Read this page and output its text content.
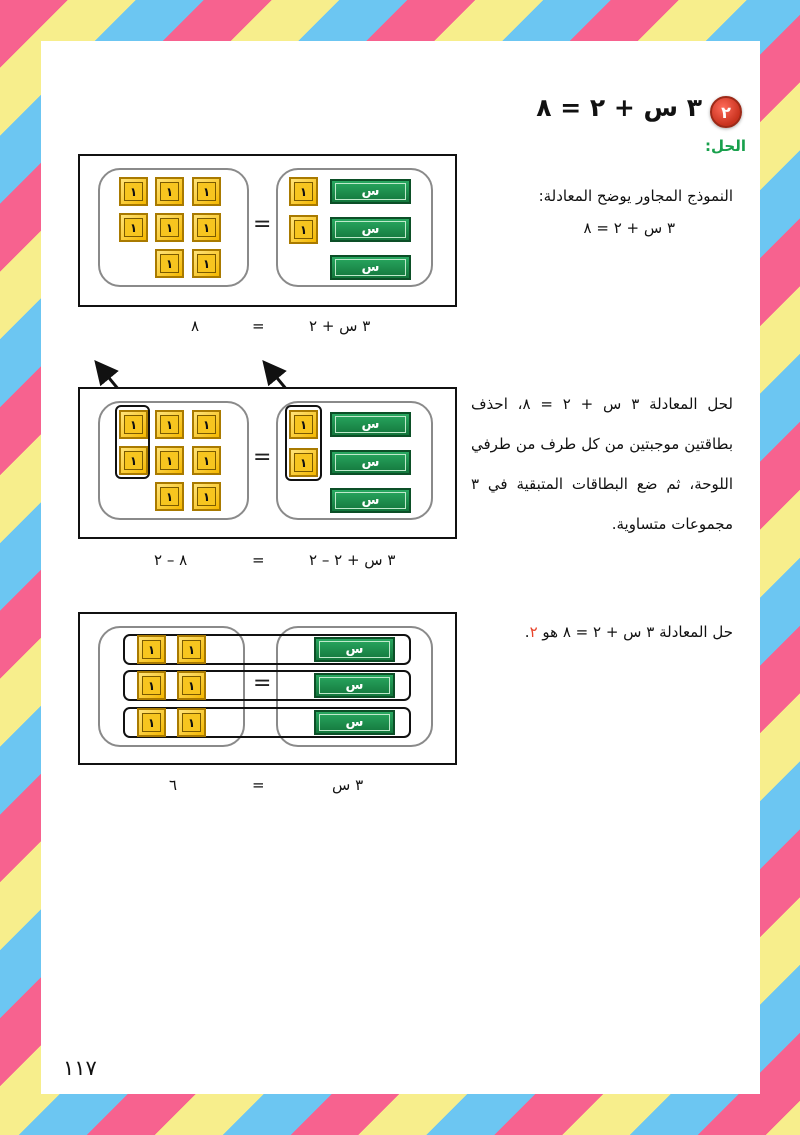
٢
٣ س + ٢ = ٨
الحل:
النموذج المجاور يوضح المعادلة:
٣ س + ٢ = ٨
١	١	١
١	١	١
١	١
=
١
١
س
س
س
٨	=	٣ س + ٢
لحل المعادلة ٣ س + ٢ = ٨، احذف بطاقتين موجبتين من كل طرف من طرفي اللوحة، ثم ضع البطاقات المتبقية في ٣ مجموعات متساوية.
١	١	١
١	١	١
١	١
=
١
١
س
س
س
٨ – ٢	=	٣ س + ٢ – ٢
حل المعادلة ٣ س + ٢ = ٨ هو ٢.
١	١
١	١
١	١
=
س
س
س
٦	=	٣ س
١١٧
